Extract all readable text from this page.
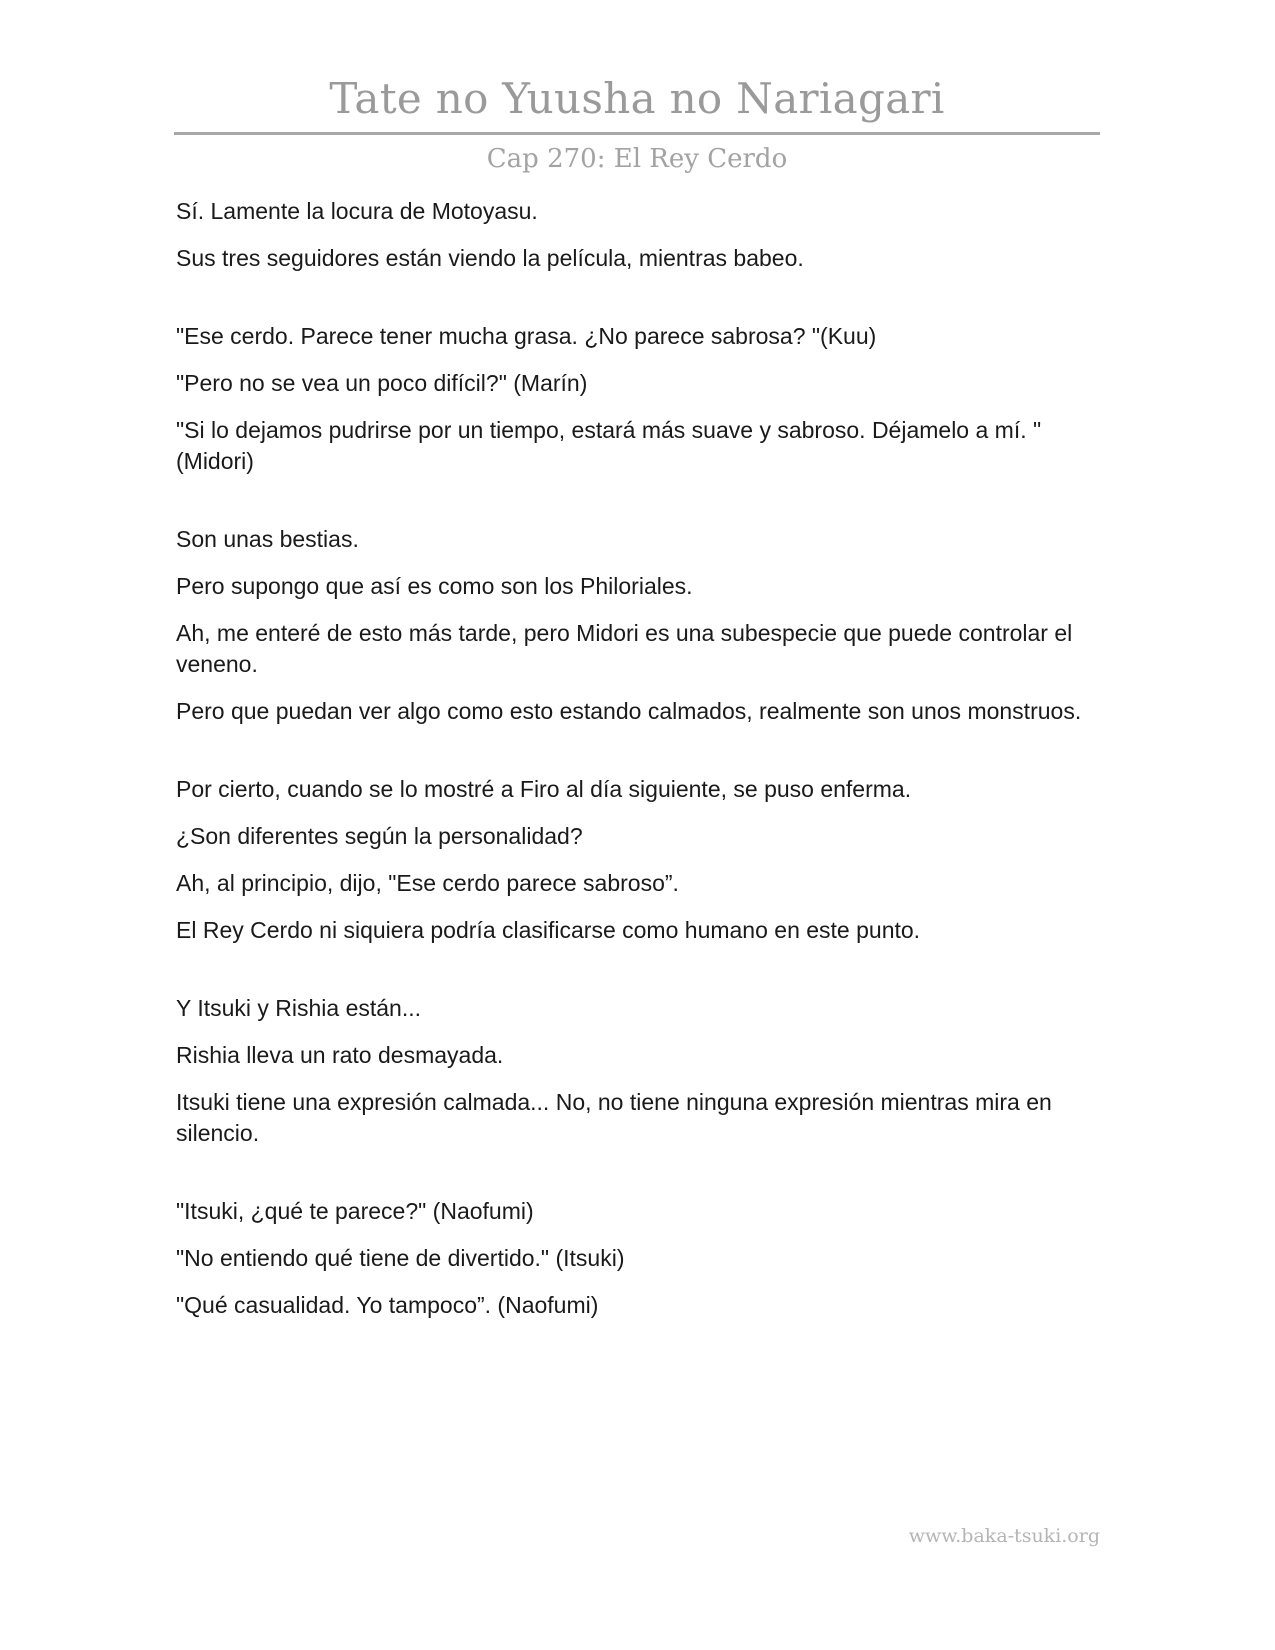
Tate no Yuusha no Nariagari
Cap 270: El Rey Cerdo

Sí. Lamente la locura de Motoyasu.

Sus tres seguidores están viendo la película, mientras babeo.

"Ese cerdo. Parece tener mucha grasa. ¿No parece sabrosa? "(Kuu)

"Pero no se vea un poco difícil?" (Marín)

"Si lo dejamos pudrirse por un tiempo, estará más suave y sabroso. Déjamelo a mí. "(Midori)

Son unas bestias.

Pero supongo que así es como son los Philoriales.

Ah, me enteré de esto más tarde, pero Midori es una subespecie que puede controlar el veneno.

Pero que puedan ver algo como esto estando calmados, realmente son unos monstruos.

Por cierto, cuando se lo mostré a Firo al día siguiente, se puso enferma.

¿Son diferentes según la personalidad?

Ah, al principio, dijo, "Ese cerdo parece sabroso”.

El Rey Cerdo ni siquiera podría clasificarse como humano en este punto.

Y Itsuki y Rishia están...

Rishia lleva un rato desmayada.

Itsuki tiene una expresión calmada... No, no tiene ninguna expresión mientras mira en silencio.

"Itsuki, ¿qué te parece?" (Naofumi)

"No entiendo qué tiene de divertido." (Itsuki)

"Qué casualidad. Yo tampoco”. (Naofumi)

www.baka-tsuki.org
